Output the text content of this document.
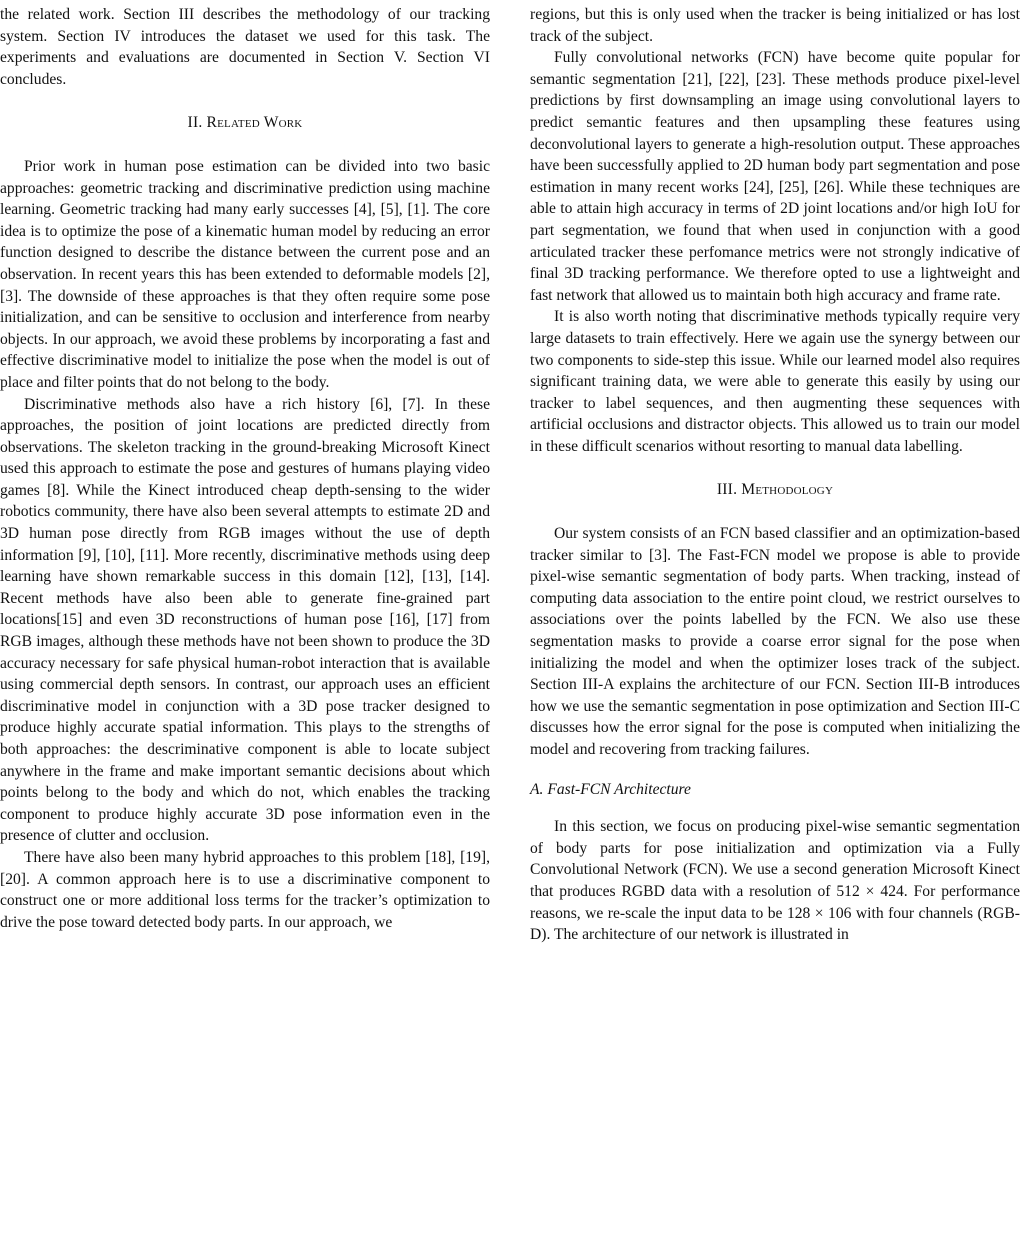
the related work. Section III describes the methodology of our tracking system. Section IV introduces the dataset we used for this task. The experiments and evaluations are documented in Section V. Section VI concludes.

II. Related Work

Prior work in human pose estimation can be divided into two basic approaches: geometric tracking and discriminative prediction using machine learning. Geometric tracking had many early successes [4], [5], [1]. The core idea is to optimize the pose of a kinematic human model by reducing an error function designed to describe the distance between the current pose and an observation. In recent years this has been extended to deformable models [2], [3]. The downside of these approaches is that they often require some pose initialization, and can be sensitive to occlusion and interference from nearby objects. In our approach, we avoid these problems by incorporating a fast and effective discriminative model to initialize the pose when the model is out of place and filter points that do not belong to the body.

Discriminative methods also have a rich history [6], [7]. In these approaches, the position of joint locations are predicted directly from observations. The skeleton tracking in the ground-breaking Microsoft Kinect used this approach to estimate the pose and gestures of humans playing video games [8]. While the Kinect introduced cheap depth-sensing to the wider robotics community, there have also been several attempts to estimate 2D and 3D human pose directly from RGB images without the use of depth information [9], [10], [11]. More recently, discriminative methods using deep learning have shown remarkable success in this domain [12], [13], [14]. Recent methods have also been able to generate fine-grained part locations[15] and even 3D reconstructions of human pose [16], [17] from RGB images, although these methods have not been shown to produce the 3D accuracy necessary for safe physical human-robot interaction that is available using commercial depth sensors. In contrast, our approach uses an efficient discriminative model in conjunction with a 3D pose tracker designed to produce highly accurate spatial information. This plays to the strengths of both approaches: the descriminative component is able to locate subject anywhere in the frame and make important semantic decisions about which points belong to the body and which do not, which enables the tracking component to produce highly accurate 3D pose information even in the presence of clutter and occlusion.

There have also been many hybrid approaches to this problem [18], [19], [20]. A common approach here is to use a discriminative component to construct one or more additional loss terms for the tracker’s optimization to drive the pose toward detected body parts. In our approach, we

regions, but this is only used when the tracker is being initialized or has lost track of the subject.

Fully convolutional networks (FCN) have become quite popular for semantic segmentation [21], [22], [23]. These methods produce pixel-level predictions by first downsampling an image using convolutional layers to predict semantic features and then upsampling these features using deconvolutional layers to generate a high-resolution output. These approaches have been successfully applied to 2D human body part segmentation and pose estimation in many recent works [24], [25], [26]. While these techniques are able to attain high accuracy in terms of 2D joint locations and/or high IoU for part segmentation, we found that when used in conjunction with a good articulated tracker these perfomance metrics were not strongly indicative of final 3D tracking performance. We therefore opted to use a lightweight and fast network that allowed us to maintain both high accuracy and frame rate.

It is also worth noting that discriminative methods typically require very large datasets to train effectively. Here we again use the synergy between our two components to side-step this issue. While our learned model also requires significant training data, we were able to generate this easily by using our tracker to label sequences, and then augmenting these sequences with artificial occlusions and distractor objects. This allowed us to train our model in these difficult scenarios without resorting to manual data labelling.

III. Methodology

Our system consists of an FCN based classifier and an optimization-based tracker similar to [3]. The Fast-FCN model we propose is able to provide pixel-wise semantic segmentation of body parts. When tracking, instead of computing data association to the entire point cloud, we restrict ourselves to associations over the points labelled by the FCN. We also use these segmentation masks to provide a coarse error signal for the pose when initializing the model and when the optimizer loses track of the subject. Section III-A explains the architecture of our FCN. Section III-B introduces how we use the semantic segmentation in pose optimization and Section III-C discusses how the error signal for the pose is computed when initializing the model and recovering from tracking failures.

A. Fast-FCN Architecture

In this section, we focus on producing pixel-wise semantic segmentation of body parts for pose initialization and optimization via a Fully Convolutional Network (FCN). We use a second generation Microsoft Kinect that produces RGBD data with a resolution of 512 × 424. For performance reasons, we re-scale the input data to be 128 × 106 with four channels (RGB-D). The architecture of our network is illustrated in
